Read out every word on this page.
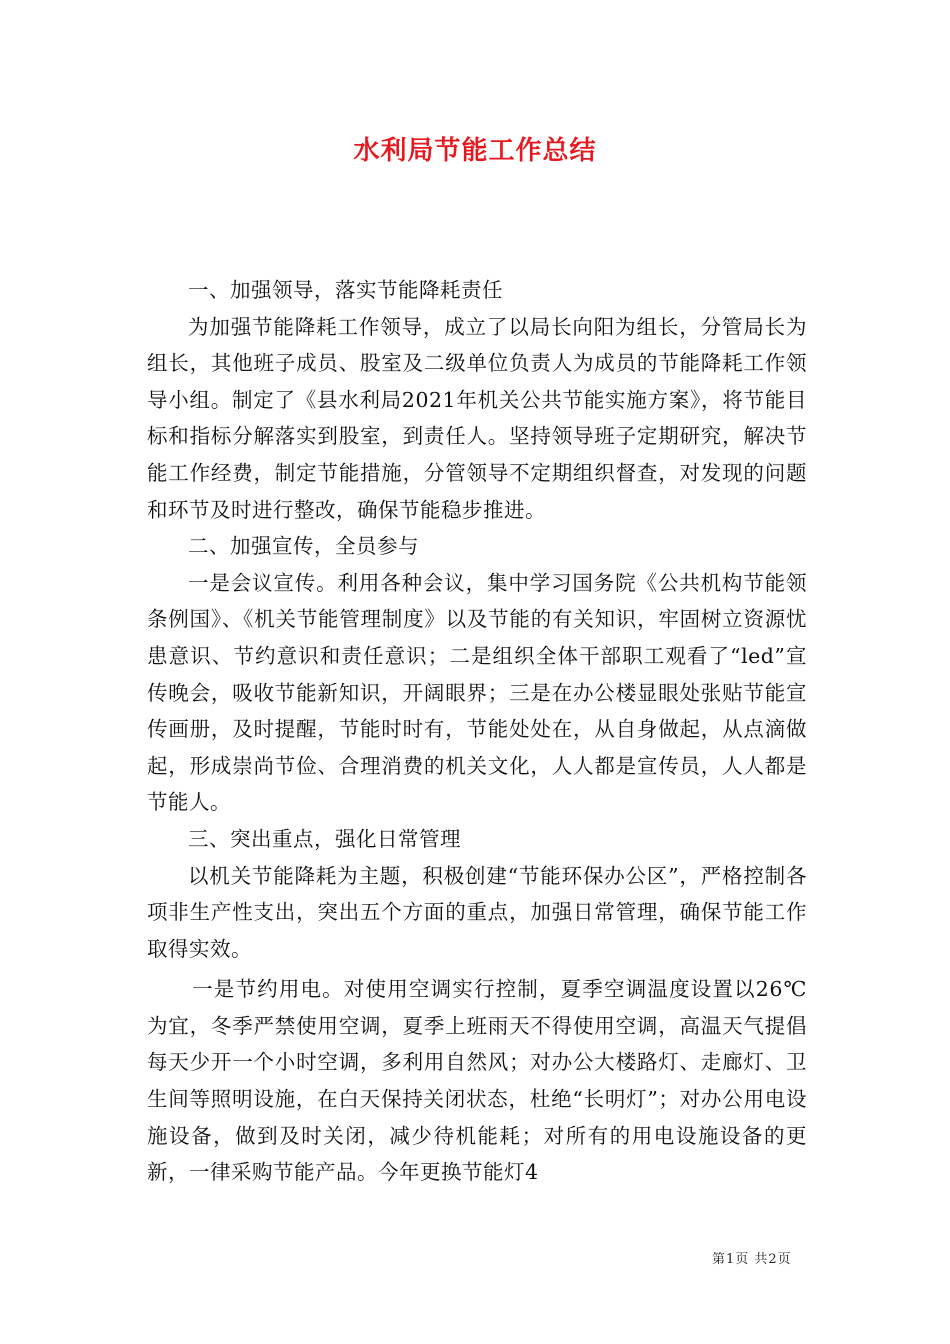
水利局节能工作总结

一、加强领导，落实节能降耗责任

为加强节能降耗工作领导，成立了以局长向阳为组长，分管局长为组长，其他班子成员、股室及二级单位负责人为成员的节能降耗工作领导小组。制定了《县水利局2021年机关公共节能实施方案》，将节能目标和指标分解落实到股室，到责任人。坚持领导班子定期研究，解决节能工作经费，制定节能措施，分管领导不定期组织督查，对发现的问题和环节及时进行整改，确保节能稳步推进。

二、加强宣传，全员参与

一是会议宣传。利用各种会议，集中学习国务院《公共机构节能领条例国》、《机关节能管理制度》以及节能的有关知识，牢固树立资源忧患意识、节约意识和责任意识；二是组织全体干部职工观看了“led”宣传晚会，吸收节能新知识，开阔眼界；三是在办公楼显眼处张贴节能宣传画册，及时提醒，节能时时有，节能处处在，从自身做起，从点滴做起，形成崇尚节俭、合理消费的机关文化，人人都是宣传员，人人都是节能人。

三、突出重点，强化日常管理

以机关节能降耗为主题，积极创建“节能环保办公区”，严格控制各项非生产性支出，突出五个方面的重点，加强日常管理，确保节能工作取得实效。

一是节约用电。对使用空调实行控制，夏季空调温度设置以26℃为宜，冬季严禁使用空调，夏季上班雨天不得使用空调，高温天气提倡每天少开一个小时空调，多利用自然风；对办公大楼路灯、走廊灯、卫生间等照明设施，在白天保持关闭状态，杜绝“长明灯”；对办公用电设施设备，做到及时关闭，减少待机能耗；对所有的用电设施设备的更新，一律采购节能产品。今年更换节能灯4

第1页 共2页
